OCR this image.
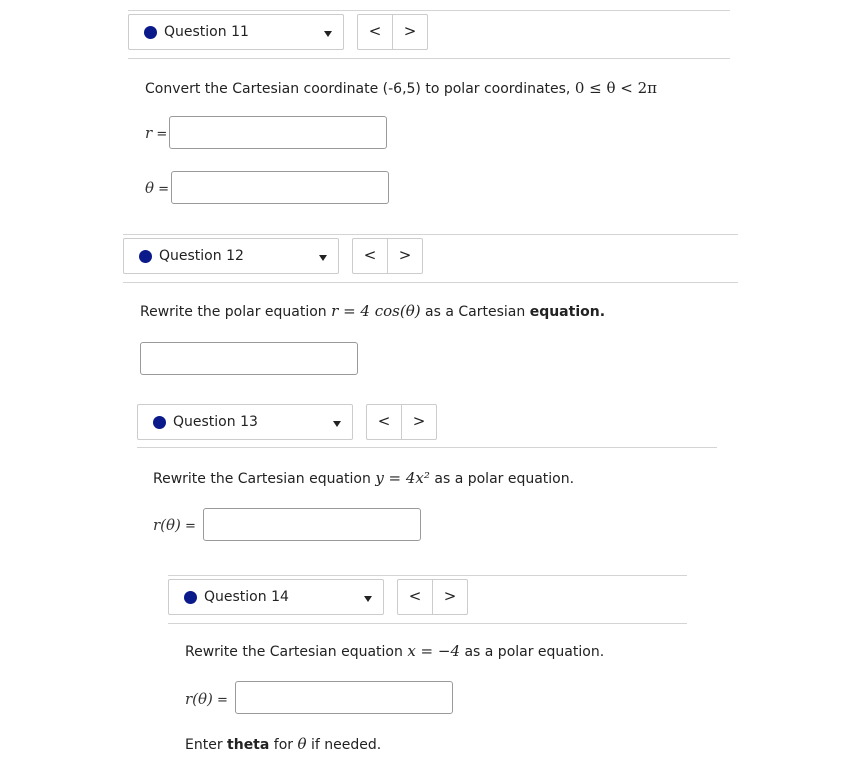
Question 11	<	>
Convert the Cartesian coordinate (-6,5) to polar coordinates, 0 ≤ θ < 2π
r =
θ =
Question 12	<	>
Rewrite the polar equation r = 4 cos(θ) as a Cartesian equation.
Question 13	<	>
Rewrite the Cartesian equation y = 4x² as a polar equation.
r(θ) =
Question 14	<	>
Rewrite the Cartesian equation x = −4 as a polar equation.
r(θ) =
Enter theta for θ if needed.
